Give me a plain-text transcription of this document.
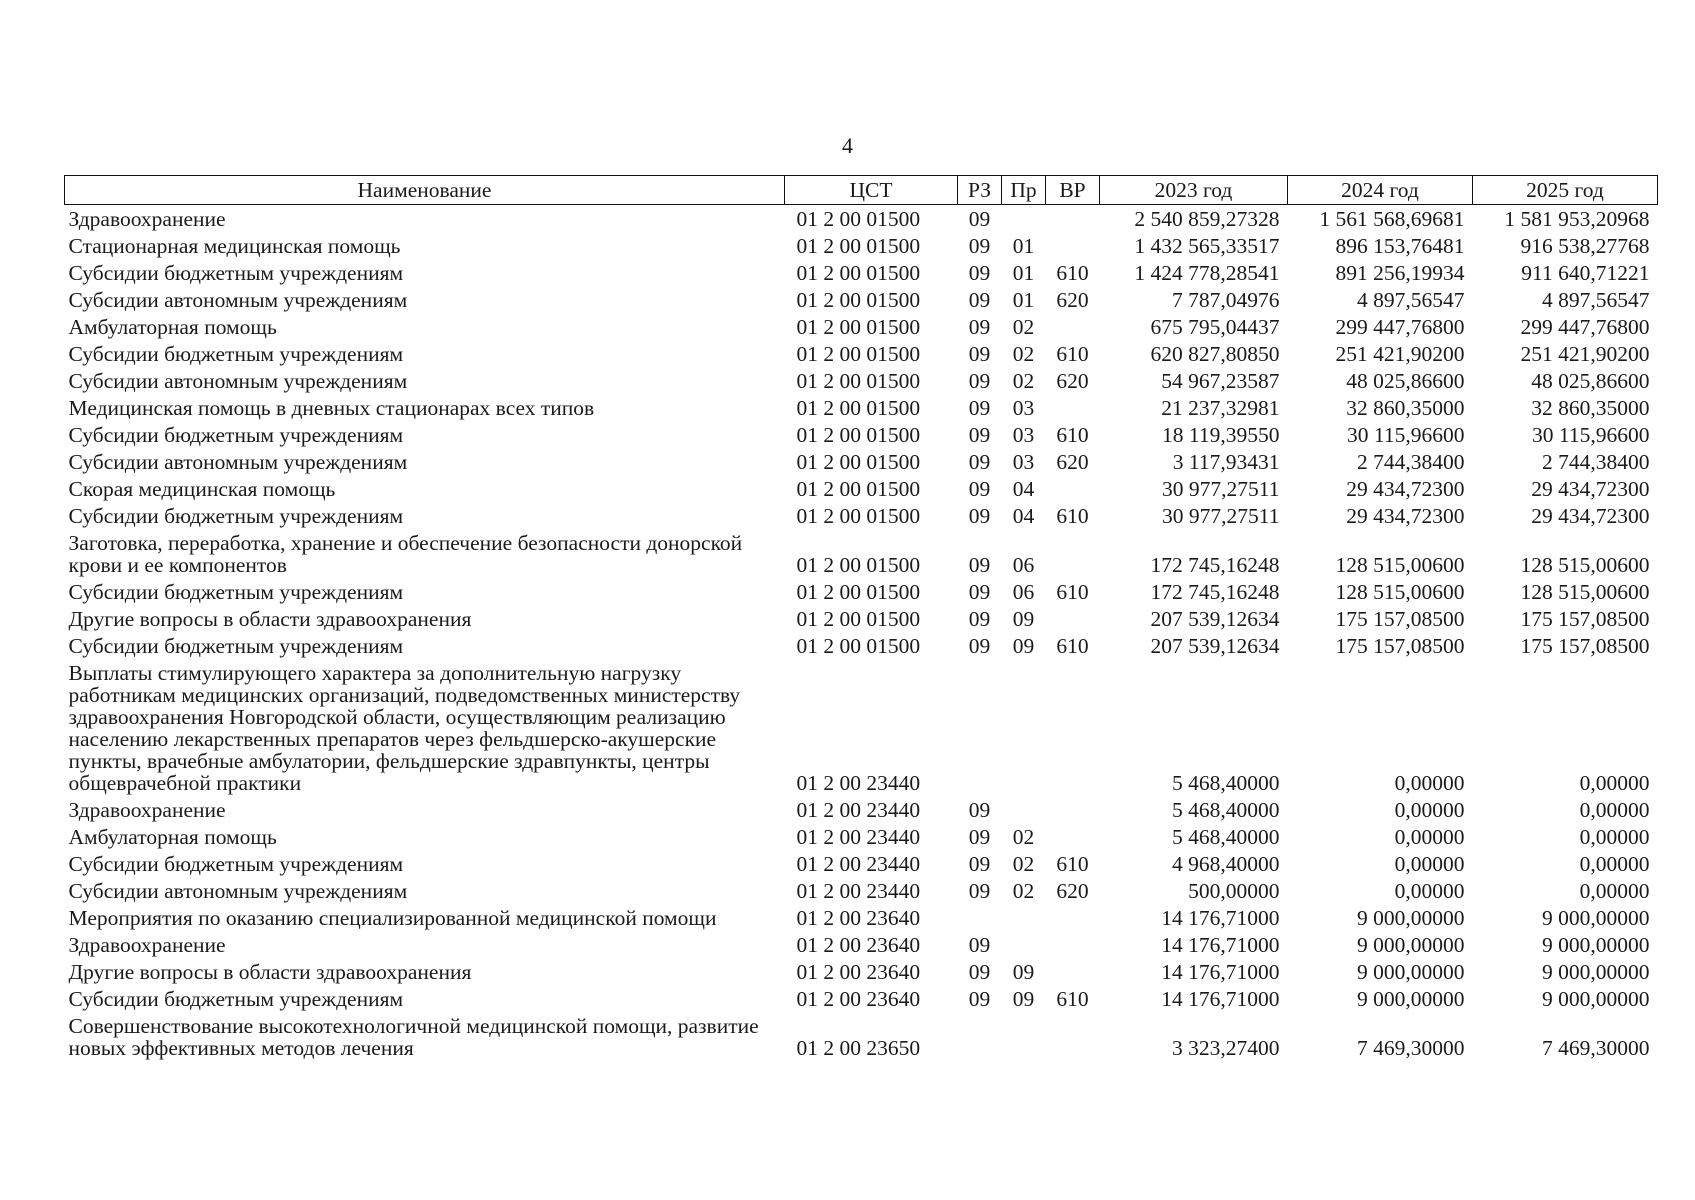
4
Наименование	ЦСТ	РЗ	Пр	ВР	2023 год	2024 год	2025 год
Здравоохранение	01 2 00 01500	09			2 540 859,27328	1 561 568,69681	1 581 953,20968
Стационарная медицинская помощь	01 2 00 01500	09	01		1 432 565,33517	896 153,76481	916 538,27768
Субсидии бюджетным учреждениям	01 2 00 01500	09	01	610	1 424 778,28541	891 256,19934	911 640,71221
Субсидии автономным учреждениям	01 2 00 01500	09	01	620	7 787,04976	4 897,56547	4 897,56547
Амбулаторная помощь	01 2 00 01500	09	02		675 795,04437	299 447,76800	299 447,76800
Субсидии бюджетным учреждениям	01 2 00 01500	09	02	610	620 827,80850	251 421,90200	251 421,90200
Субсидии автономным учреждениям	01 2 00 01500	09	02	620	54 967,23587	48 025,86600	48 025,86600
Медицинская помощь в дневных стационарах всех типов	01 2 00 01500	09	03		21 237,32981	32 860,35000	32 860,35000
Субсидии бюджетным учреждениям	01 2 00 01500	09	03	610	18 119,39550	30 115,96600	30 115,96600
Субсидии автономным учреждениям	01 2 00 01500	09	03	620	3 117,93431	2 744,38400	2 744,38400
Скорая медицинская помощь	01 2 00 01500	09	04		30 977,27511	29 434,72300	29 434,72300
Субсидии бюджетным учреждениям	01 2 00 01500	09	04	610	30 977,27511	29 434,72300	29 434,72300
Заготовка, переработка, хранение и обеспечение безопасности донорской крови и ее компонентов	01 2 00 01500	09	06		172 745,16248	128 515,00600	128 515,00600
Субсидии бюджетным учреждениям	01 2 00 01500	09	06	610	172 745,16248	128 515,00600	128 515,00600
Другие вопросы в области здравоохранения	01 2 00 01500	09	09		207 539,12634	175 157,08500	175 157,08500
Субсидии бюджетным учреждениям	01 2 00 01500	09	09	610	207 539,12634	175 157,08500	175 157,08500
Выплаты стимулирующего характера за дополнительную нагрузку работникам медицинских организаций, подведомственных министерству здравоохранения Новгородской области, осуществляющим реализацию населению лекарственных препаратов через фельдшерско-акушерские пункты, врачебные амбулатории, фельдшерские здравпункты, центры общеврачебной практики	01 2 00 23440				5 468,40000	0,00000	0,00000
Здравоохранение	01 2 00 23440	09			5 468,40000	0,00000	0,00000
Амбулаторная помощь	01 2 00 23440	09	02		5 468,40000	0,00000	0,00000
Субсидии бюджетным учреждениям	01 2 00 23440	09	02	610	4 968,40000	0,00000	0,00000
Субсидии автономным учреждениям	01 2 00 23440	09	02	620	500,00000	0,00000	0,00000
Мероприятия по оказанию специализированной медицинской помощи	01 2 00 23640				14 176,71000	9 000,00000	9 000,00000
Здравоохранение	01 2 00 23640	09			14 176,71000	9 000,00000	9 000,00000
Другие вопросы в области здравоохранения	01 2 00 23640	09	09		14 176,71000	9 000,00000	9 000,00000
Субсидии бюджетным учреждениям	01 2 00 23640	09	09	610	14 176,71000	9 000,00000	9 000,00000
Совершенствование высокотехнологичной медицинской помощи, развитие новых эффективных методов лечения	01 2 00 23650				3 323,27400	7 469,30000	7 469,30000
